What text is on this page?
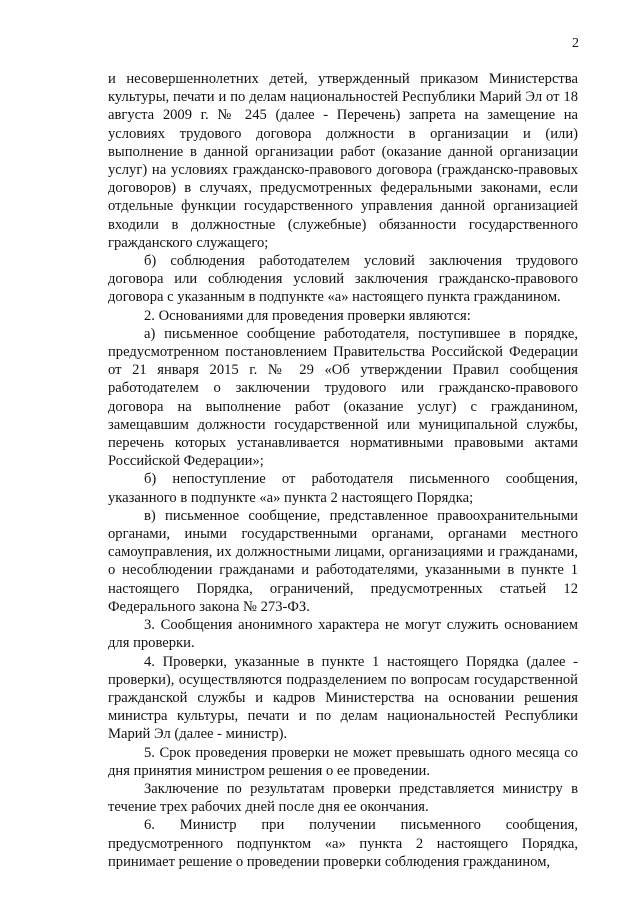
2

и несовершеннолетних детей, утвержденный приказом Министерства культуры, печати и по делам национальностей Республики Марий Эл от 18 августа 2009 г. № 245 (далее - Перечень) запрета на замещение на условиях трудового договора должности в организации и (или) выполнение в данной организации работ (оказание данной организации услуг) на условиях гражданско-правового договора (гражданско-правовых договоров) в случаях, предусмотренных федеральными законами, если отдельные функции государственного управления данной организацией входили в должностные (служебные) обязанности государственного гражданского служащего;

б) соблюдения работодателем условий заключения трудового договора или соблюдения условий заключения гражданско-правового договора с указанным в подпункте «а» настоящего пункта гражданином.

2. Основаниями для проведения проверки являются:

а) письменное сообщение работодателя, поступившее в порядке, предусмотренном постановлением Правительства Российской Федерации от 21 января 2015 г. № 29 «Об утверждении Правил сообщения работодателем о заключении трудового или гражданско-правового договора на выполнение работ (оказание услуг) с гражданином, замещавшим должности государственной или муниципальной службы, перечень которых устанавливается нормативными правовыми актами Российской Федерации»;

б) непоступление от работодателя письменного сообщения, указанного в подпункте «а» пункта 2 настоящего Порядка;

в) письменное сообщение, представленное правоохранительными органами, иными государственными органами, органами местного самоуправления, их должностными лицами, организациями и гражданами, о несоблюдении гражданами и работодателями, указанными в пункте 1 настоящего Порядка, ограничений, предусмотренных статьей 12 Федерального закона № 273-ФЗ.

3. Сообщения анонимного характера не могут служить основанием для проверки.

4. Проверки, указанные в пункте 1 настоящего Порядка (далее - проверки), осуществляются подразделением по вопросам государственной гражданской службы и кадров Министерства на основании решения министра культуры, печати и по делам национальностей Республики Марий Эл (далее - министр).

5. Срок проведения проверки не может превышать одного месяца со дня принятия министром решения о ее проведении.

Заключение по результатам проверки представляется министру в течение трех рабочих дней после дня ее окончания.

6. Министр при получении письменного сообщения, предусмотренного подпунктом «а» пункта 2 настоящего Порядка, принимает решение о проведении проверки соблюдения гражданином,
